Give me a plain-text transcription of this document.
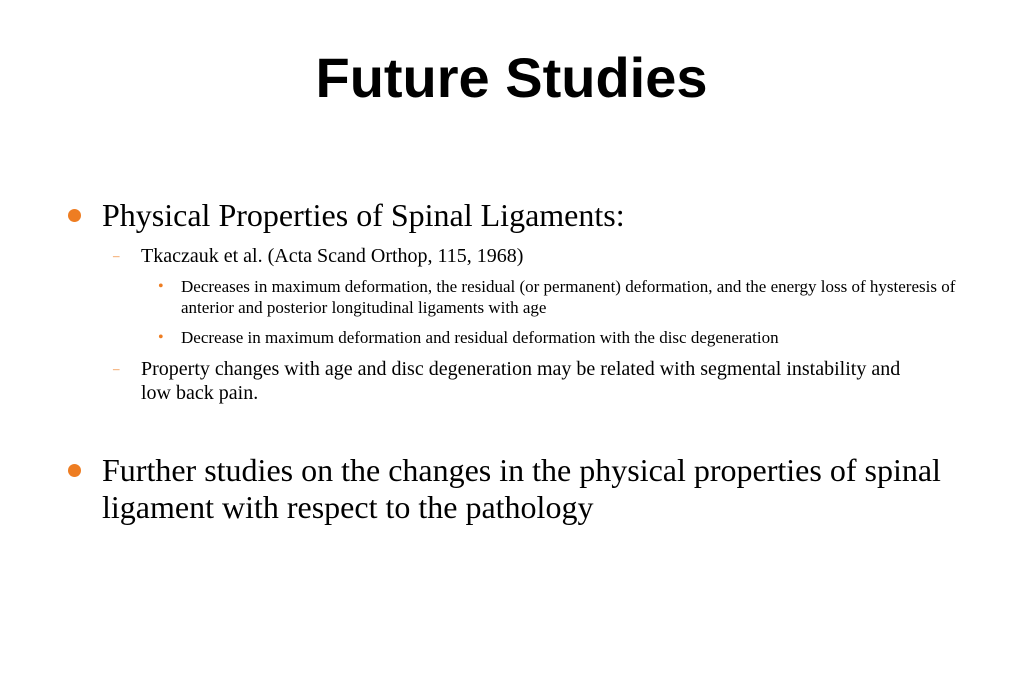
Future Studies
Physical Properties of Spinal Ligaments:
– Tkaczauk et al. (Acta Scand Orthop, 115, 1968)
• Decreases in maximum deformation, the residual (or permanent) deformation, and the energy loss of hysteresis of anterior and posterior longitudinal ligaments with age
• Decrease in maximum deformation and residual deformation with the disc degeneration
– Property changes with age and disc degeneration may be related with segmental instability and low back pain.
Further studies on the changes in the physical properties of spinal ligament with respect to the pathology
